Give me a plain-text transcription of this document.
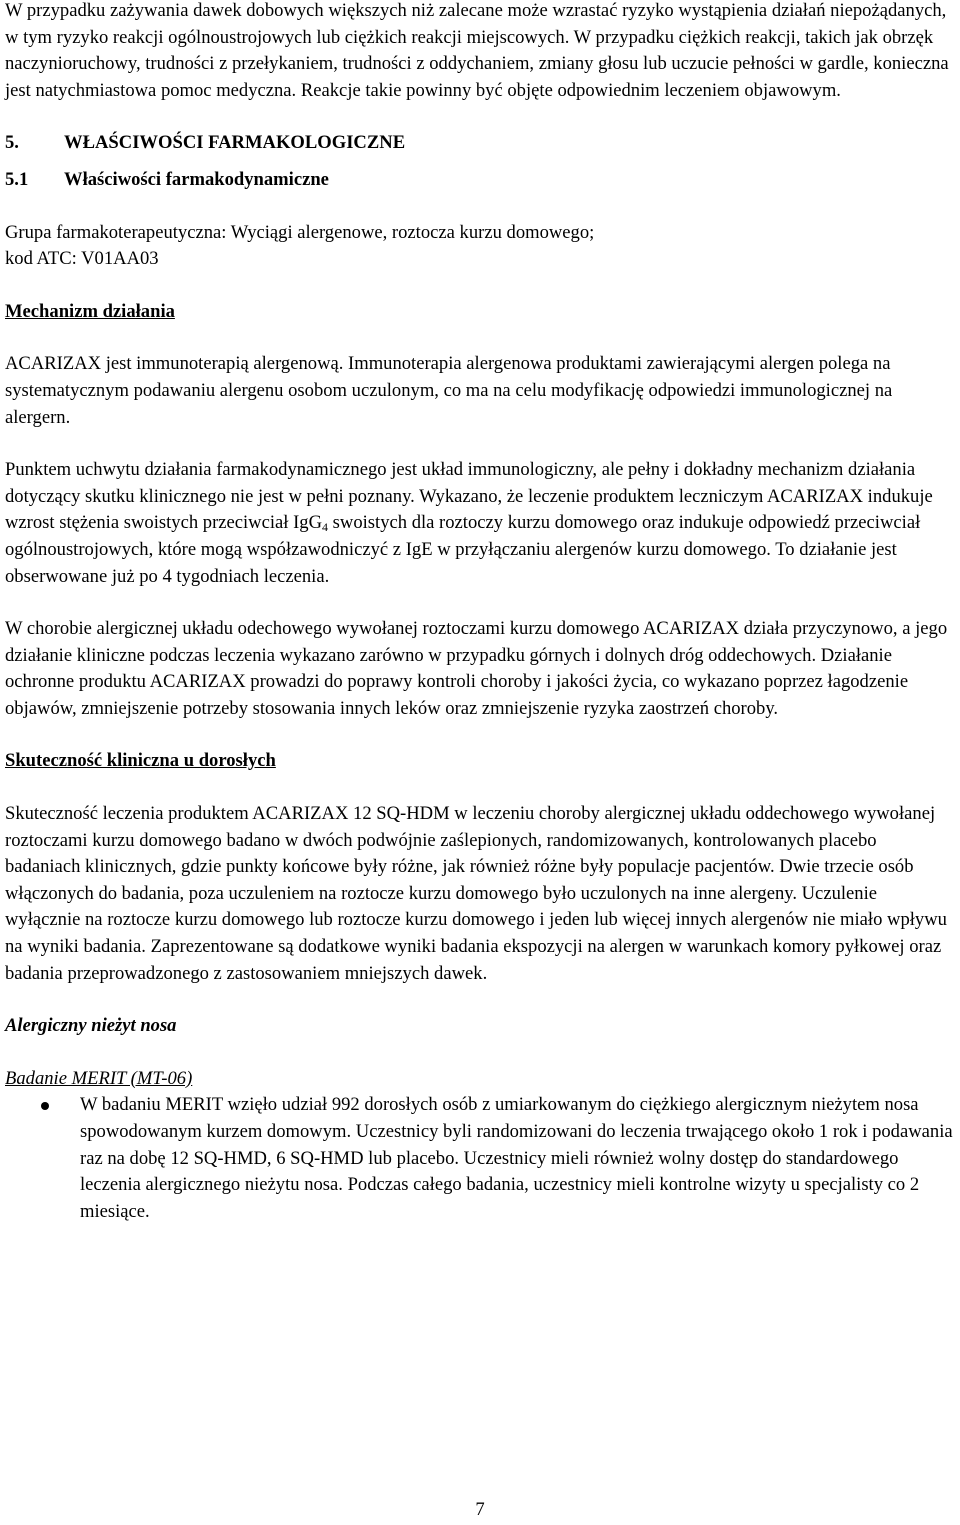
W przypadku zażywania dawek dobowych większych niż zalecane może wzrastać ryzyko wystąpienia działań niepożądanych, w tym ryzyko reakcji ogólnoustrojowych lub ciężkich reakcji miejscowych. W przypadku ciężkich reakcji, takich jak obrzęk naczynioruchowy, trudności z przełykaniem, trudności z oddychaniem, zmiany głosu lub uczucie pełności w gardle, konieczna jest natychmiastowa pomoc medyczna. Reakcje takie powinny być objęte odpowiednim leczeniem objawowym.

5. WŁAŚCIWOŚCI FARMAKOLOGICZNE

5.1 Właściwości farmakodynamiczne

Grupa farmakoterapeutyczna: Wyciągi alergenowe, roztocza kurzu domowego;

kod ATC: V01AA03

Mechanizm działania

ACARIZAX jest immunoterapią alergenową. Immunoterapia alergenowa produktami zawierającymi alergen polega na systematycznym podawaniu alergenu osobom uczulonym, co ma na celu modyfikację odpowiedzi immunologicznej na alergern.

Punktem uchwytu działania farmakodynamicznego jest układ immunologiczny, ale pełny i dokładny mechanizm działania dotyczący skutku klinicznego nie jest w pełni poznany. Wykazano, że leczenie produktem leczniczym ACARIZAX indukuje wzrost stężenia swoistych przeciwciał IgG$_4$ swoistych dla roztoczy kurzu domowego oraz indukuje odpowiedź przeciwciał ogólnoustrojowych, które mogą współzawodniczyć z IgE w przyłączaniu alergenów kurzu domowego. To działanie jest obserwowane już po 4 tygodniach leczenia.

W chorobie alergicznej układu odechowego wywołanej roztoczami kurzu domowego ACARIZAX działa przyczynowo, a jego działanie kliniczne podczas leczenia wykazano zarówno w przypadku górnych i dolnych dróg oddechowych. Działanie ochronne produktu ACARIZAX prowadzi do poprawy kontroli choroby i jakości życia, co wykazano poprzez łagodzenie objawów, zmniejszenie potrzeby stosowania innych leków oraz zmniejszenie ryzyka zaostrzeń choroby.

Skuteczność kliniczna u dorosłych

Skuteczność leczenia produktem ACARIZAX 12 SQ-HDM w leczeniu choroby alergicznej układu oddechowego wywołanej roztoczami kurzu domowego badano w dwóch podwójnie zaślepionych, randomizowanych, kontrolowanych placebo badaniach klinicznych, gdzie punkty końcowe były różne, jak również różne były populacje pacjentów. Dwie trzecie osób włączonych do badania, poza uczuleniem na roztocze kurzu domowego było uczulonych na inne alergeny. Uczulenie wyłącznie na roztocze kurzu domowego lub roztocze kurzu domowego i jeden lub więcej innych alergenów nie miało wpływu na wyniki badania. Zaprezentowane są dodatkowe wyniki badania ekspozycji na alergen w warunkach komory pyłkowej oraz badania przeprowadzonego z zastosowaniem mniejszych dawek.

Alergiczny nieżyt nosa

Badanie MERIT (MT-06)

W badaniu MERIT wzięło udział 992 dorosłych osób z umiarkowanym do ciężkiego alergicznym nieżytem nosa spowodowanym kurzem domowym. Uczestnicy byli randomizowani do leczenia trwającego około 1 rok i podawania raz na dobę 12 SQ-HMD, 6 SQ-HMD lub placebo. Uczestnicy mieli również wolny dostęp do standardowego leczenia alergicznego nieżytu nosa. Podczas całego badania, uczestnicy mieli kontrolne wizyty u specjalisty co 2 miesiące.
7
